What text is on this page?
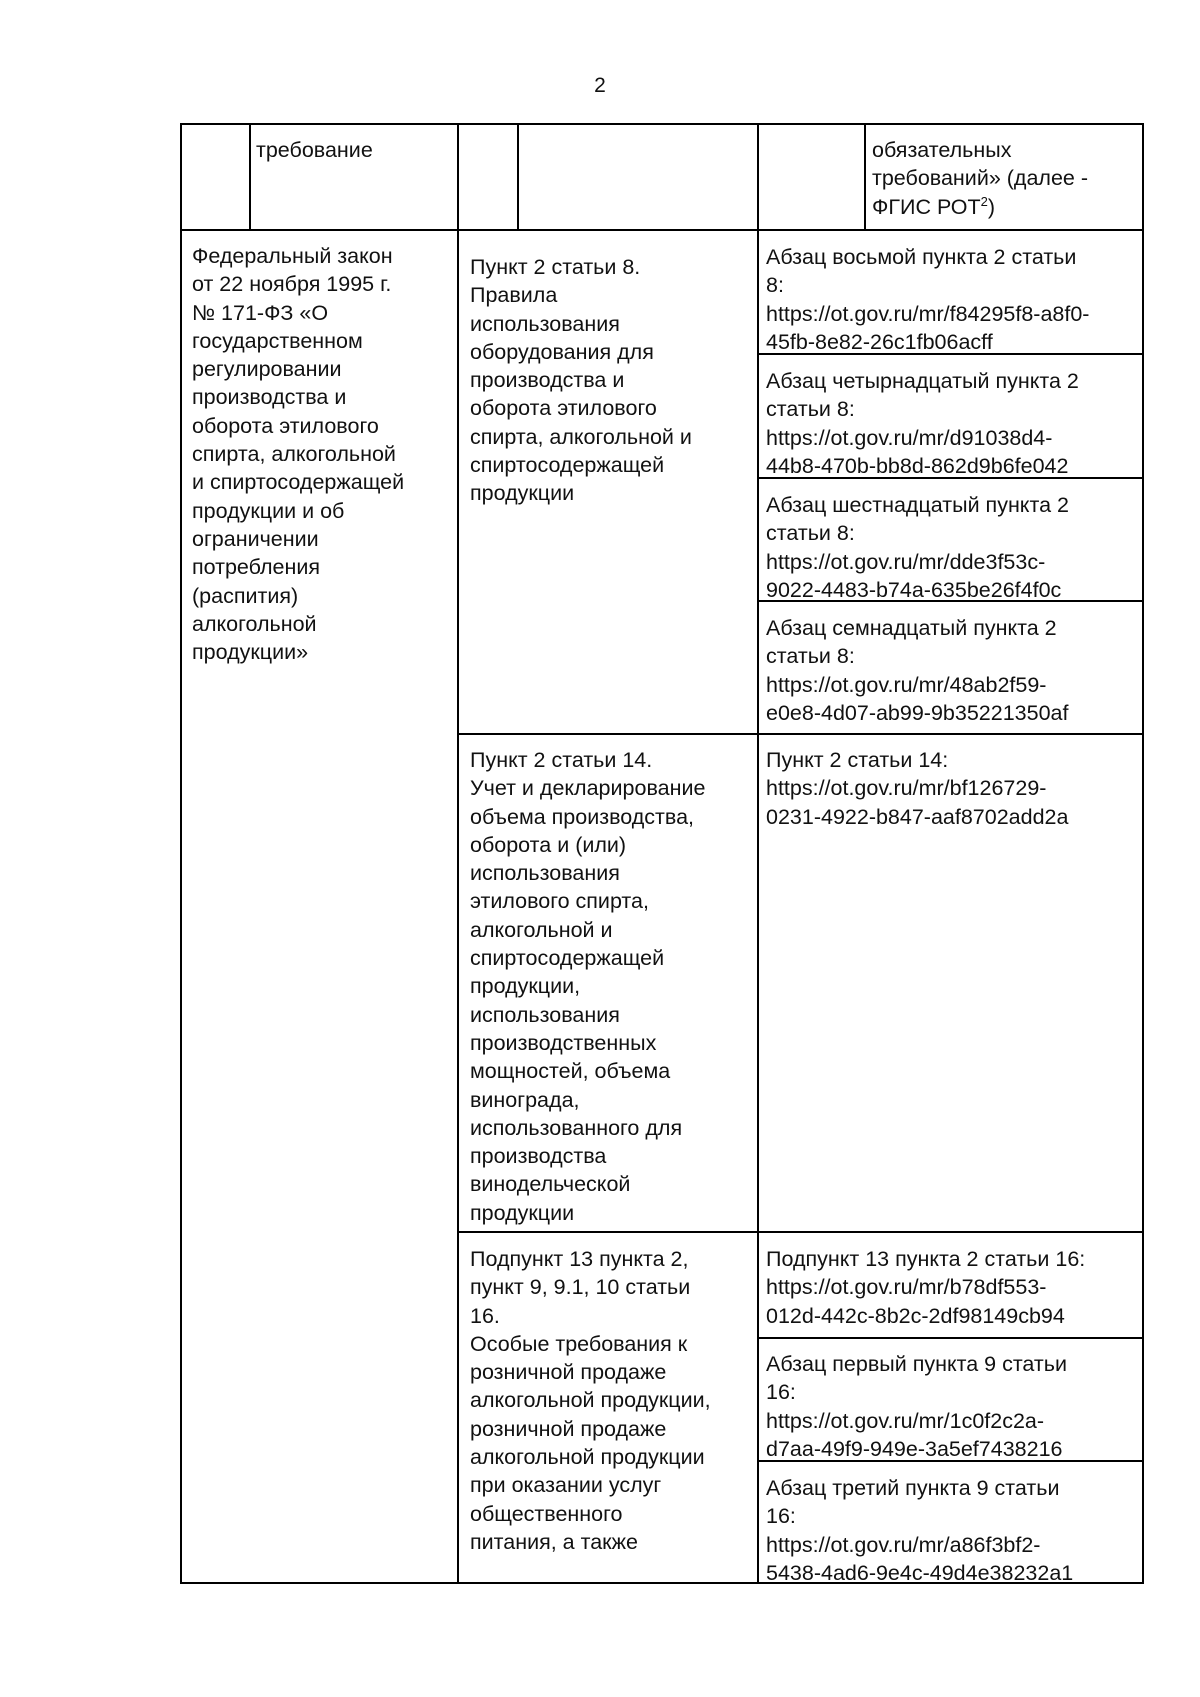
2
требование	обязательных
требований» (далее -
ФГИС РОТ$^2$)
Федеральный закон
от 22 ноября 1995 г.
№ 171-ФЗ «О
государственном
регулировании
производства и
оборота этилового
спирта, алкогольной
и спиртосодержащей
продукции и об
ограничении
потребления
(распития)
алкогольной
продукции»
Пункт 2 статьи 8.
Правила
использования
оборудования для
производства и
оборота этилового
спирта, алкогольной и
спиртосодержащей
продукции
Абзац восьмой пункта 2 статьи
8:
https://ot.gov.ru/mr/f84295f8-a8f0-
45fb-8e82-26c1fb06acff
Абзац четырнадцатый пункта 2
статьи 8:
https://ot.gov.ru/mr/d91038d4-
44b8-470b-bb8d-862d9b6fe042
Абзац шестнадцатый пункта 2
статьи 8:
https://ot.gov.ru/mr/dde3f53c-
9022-4483-b74a-635be26f4f0c
Абзац семнадцатый пункта 2
статьи 8:
https://ot.gov.ru/mr/48ab2f59-
e0e8-4d07-ab99-9b35221350af
Пункт 2 статьи 14.
Учет и декларирование
объема производства,
оборота и (или)
использования
этилового спирта,
алкогольной и
спиртосодержащей
продукции,
использования
производственных
мощностей, объема
винограда,
использованного для
производства
винодельческой
продукции
Пункт 2 статьи 14:
https://ot.gov.ru/mr/bf126729-
0231-4922-b847-aaf8702add2a
Подпункт 13 пункта 2,
пункт 9, 9.1, 10 статьи
16.
Особые требования к
розничной продаже
алкогольной продукции,
розничной продаже
алкогольной продукции
при оказании услуг
общественного
питания, а также
Подпункт 13 пункта 2 статьи 16:
https://ot.gov.ru/mr/b78df553-
012d-442c-8b2c-2df98149cb94
Абзац первый пункта 9 статьи
16:
https://ot.gov.ru/mr/1c0f2c2a-
d7aa-49f9-949e-3a5ef7438216
Абзац третий пункта 9 статьи
16:
https://ot.gov.ru/mr/a86f3bf2-
5438-4ad6-9e4c-49d4e38232a1
